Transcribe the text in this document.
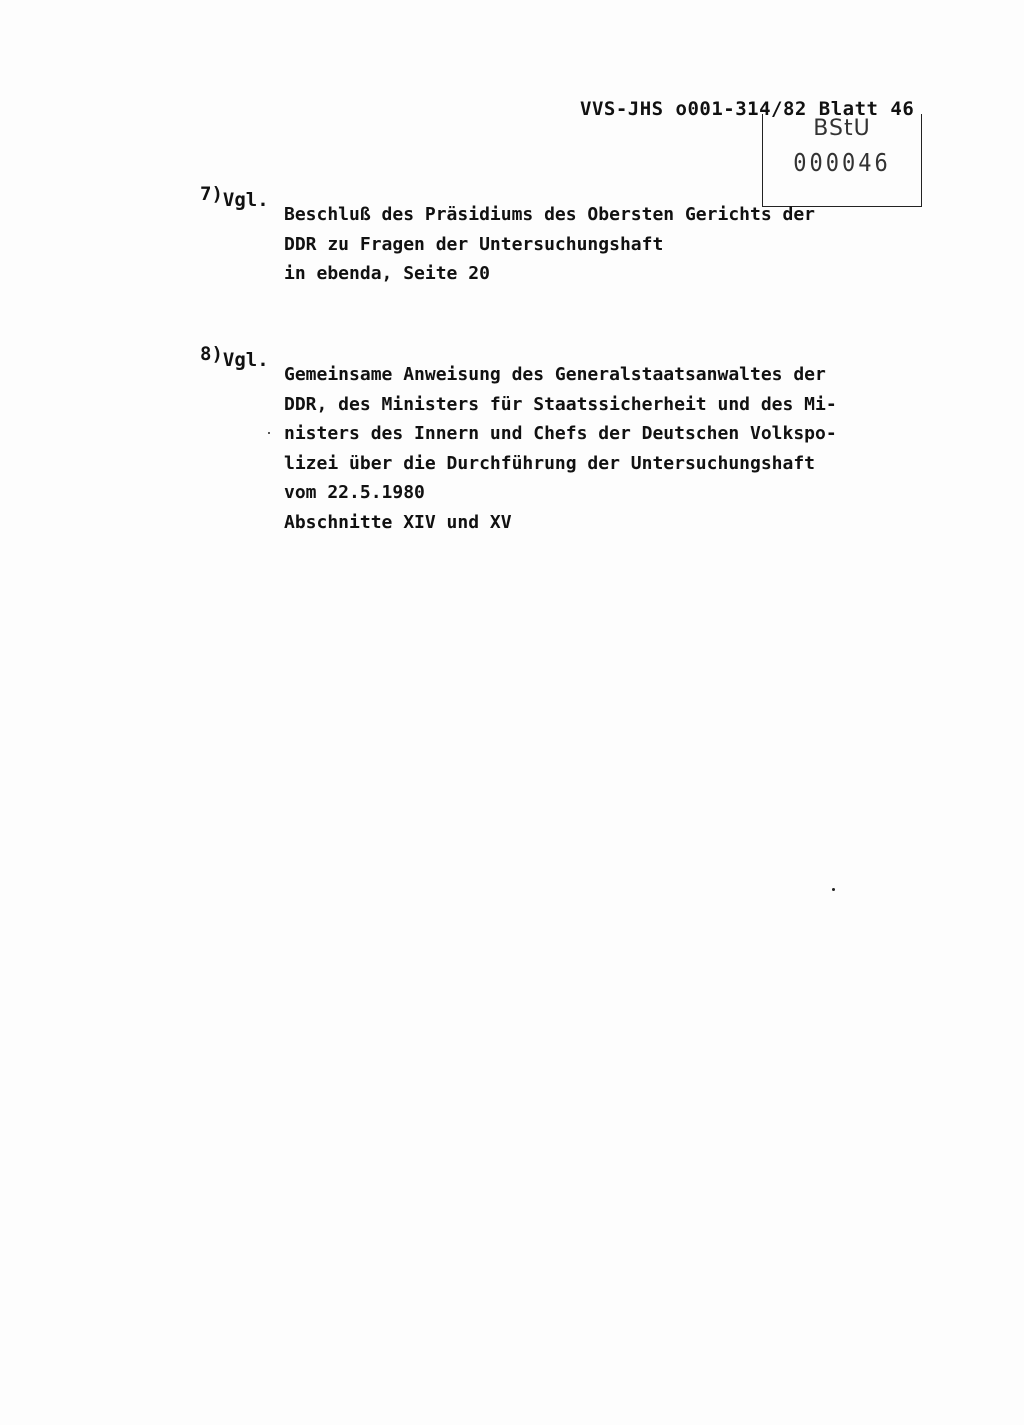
VVS-JHS o001-314/82 Blatt 46
BStU
000046
$^{7)}$Vgl.
Beschluß des Präsidiums des Obersten Gerichts der
DDR zu Fragen der Untersuchungshaft
in ebenda, Seite 20
$^{8)}$Vgl.
Gemeinsame Anweisung des Generalstaatsanwaltes der
DDR, des Ministers für Staatssicherheit und des Mi-
nisters des Innern und Chefs der Deutschen Volkspo-
lizei über die Durchführung der Untersuchungshaft
vom 22.5.1980
Abschnitte XIV und XV
